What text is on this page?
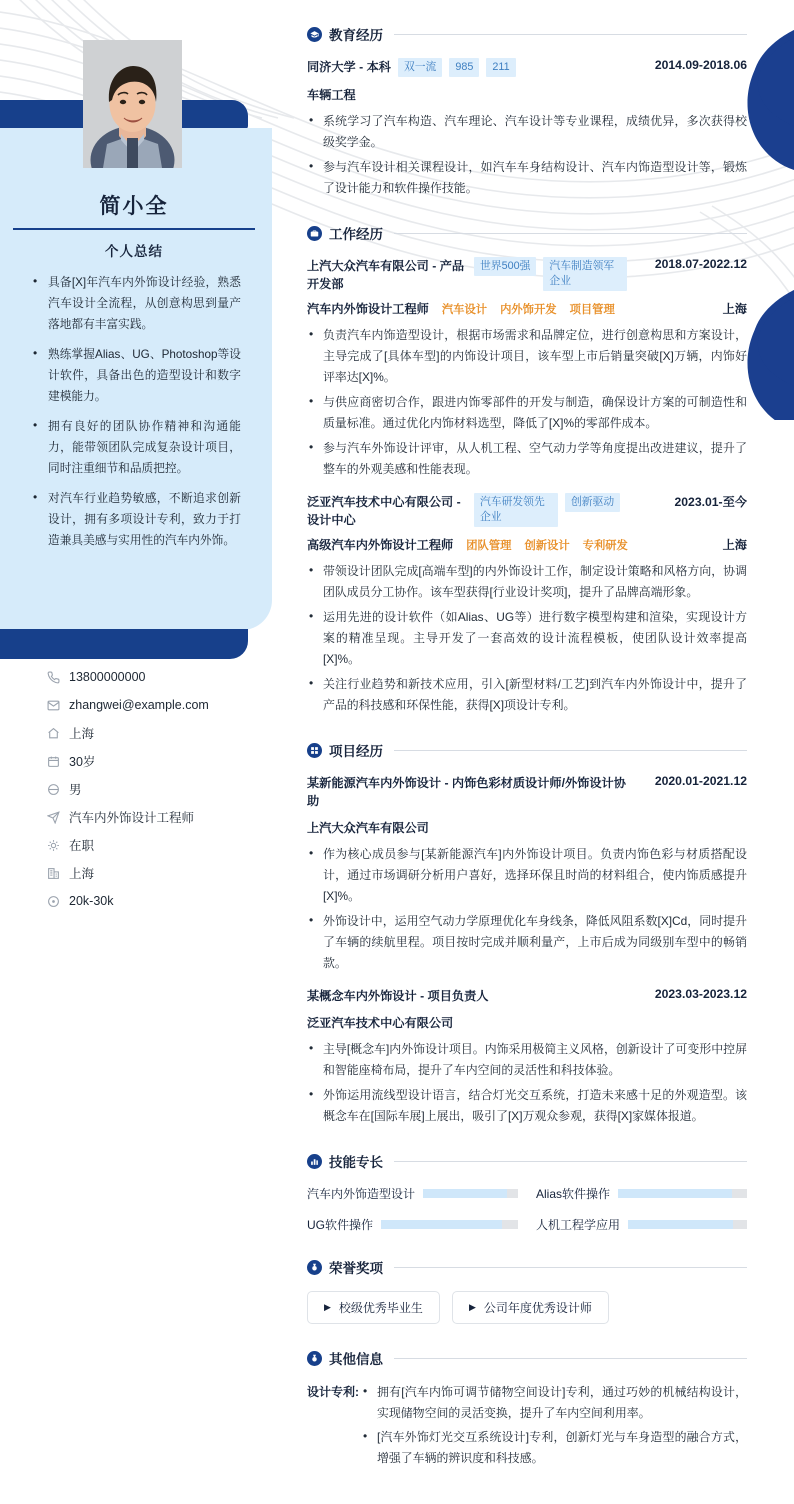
简小全
个人总结
• 具备[X]年汽车内外饰设计经验，熟悉汽车设计全流程，从创意构思到量产落地都有丰富实践。
• 熟练掌握Alias、UG、Photoshop等设计软件，具备出色的造型设计和数字建模能力。
• 拥有良好的团队协作精神和沟通能力，能带领团队完成复杂设计项目，同时注重细节和品质把控。
• 对汽车行业趋势敏感，不断追求创新设计，拥有多项设计专利，致力于打造兼具美感与实用性的汽车内外饰。
13800000000
zhangwei@example.com
上海
30岁
男
汽车内外饰设计工程师
在职
上海
20k-30k
教育经历
同济大学 - 本科	双一流	985	211	2014.09-2018.06
车辆工程
• 系统学习了汽车构造、汽车理论、汽车设计等专业课程，成绩优异，多次获得校级奖学金。
• 参与汽车设计相关课程设计，如汽车车身结构设计、汽车内饰造型设计等，锻炼了设计能力和软件操作技能。
工作经历
上汽大众汽车有限公司 - 产品开发部
世界500强	汽车制造领军企业
2018.07-2022.12
汽车内外饰设计工程师 汽车设计 内外饰开发 项目管理	上海
• 负责汽车内饰造型设计，根据市场需求和品牌定位，进行创意构思和方案设计，主导完成了[具体车型]的内饰设计项目，该车型上市后销量突破[X]万辆，内饰好评率达[X]%。
• 与供应商密切合作，跟进内饰零部件的开发与制造，确保设计方案的可制造性和质量标准。通过优化内饰材料选型，降低了[X]%的零部件成本。
• 参与汽车外饰设计评审，从人机工程、空气动力学等角度提出改进建议，提升了整车的外观美感和性能表现。
泛亚汽车技术中心有限公司 - 设计中心
汽车研发领先企业
创新驱动	2023.01-至今
高级汽车内外饰设计工程师 团队管理 创新设计 专利研发	上海
• 带领设计团队完成[高端车型]的内外饰设计工作，制定设计策略和风格方向，协调团队成员分工协作。该车型获得[行业设计奖项]，提升了品牌高端形象。
• 运用先进的设计软件（如Alias、UG等）进行数字模型构建和渲染，实现设计方案的精准呈现。主导开发了一套高效的设计流程模板，使团队设计效率提高[X]%。
• 关注行业趋势和新技术应用，引入[新型材料/工艺]到汽车内外饰设计中，提升了产品的科技感和环保性能，获得[X]项设计专利。
项目经历
某新能源汽车内外饰设计 - 内饰色彩材质设计师/外饰设计协助
2020.01-2021.12
上汽大众汽车有限公司
• 作为核心成员参与[某新能源汽车]内外饰设计项目。负责内饰色彩与材质搭配设计，通过市场调研分析用户喜好，选择环保且时尚的材料组合，使内饰质感提升[X]%。
• 外饰设计中，运用空气动力学原理优化车身线条，降低风阻系数[X]Cd，同时提升了车辆的续航里程。项目按时完成并顺利量产，上市后成为同级别车型中的畅销款。
某概念车内外饰设计 - 项目负责人	2023.03-2023.12
泛亚汽车技术中心有限公司
• 主导[概念车]内外饰设计项目。内饰采用极简主义风格，创新设计了可变形中控屏和智能座椅布局，提升了车内空间的灵活性和科技体验。
• 外饰运用流线型设计语言，结合灯光交互系统，打造未来感十足的外观造型。该概念车在[国际车展]上展出，吸引了[X]万观众参观，获得[X]家媒体报道。
技能专长
汽车内外饰造型设计	Alias软件操作
UG软件操作	人机工程学应用
荣誉奖项
▶ 校级优秀毕业生	▶ 公司年度优秀设计师
其他信息
设计专利:	• 拥有[汽车内饰可调节储物空间设计]专利，通过巧妙的机械结构设计，实现储物空间的灵活变换，提升了车内空间利用率。
• [汽车外饰灯光交互系统设计]专利，创新灯光与车身造型的融合方式，增强了车辆的辨识度和科技感。
